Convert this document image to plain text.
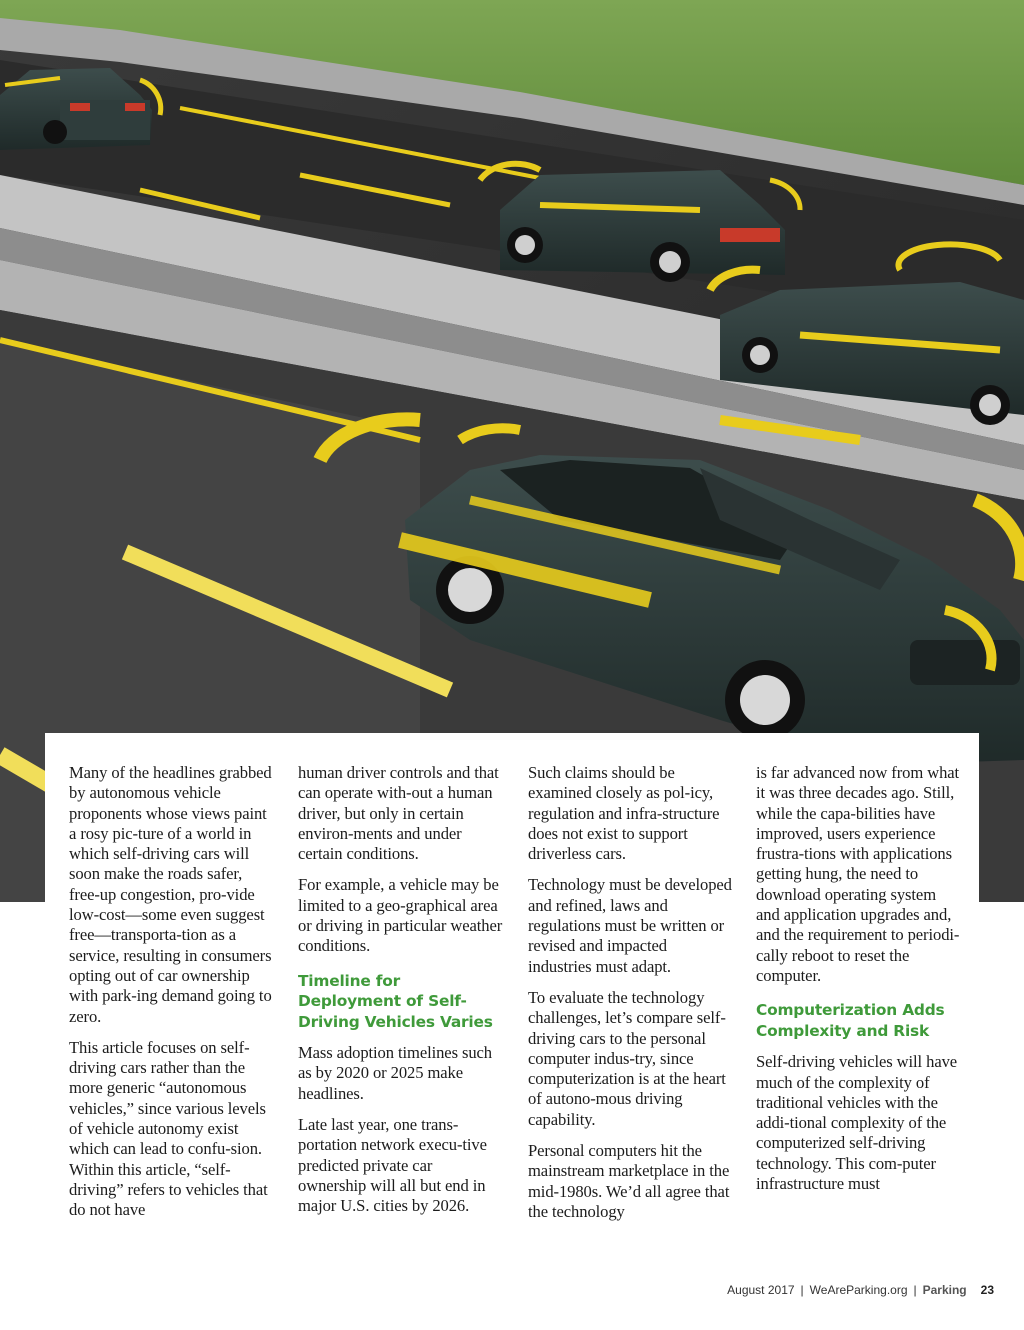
Many of the headlines grabbed by autonomous vehicle proponents whose views paint a rosy pic-ture of a world in which self-driving cars will soon make the roads safer, free-up congestion, pro-vide low-cost—some even suggest free—transporta-tion as a service, resulting in consumers opting out of car ownership with park-ing demand going to zero.

This article focuses on self-driving cars rather than the more generic “autonomous vehicles,” since various levels of vehicle autonomy exist which can lead to confu-sion. Within this article, “self-driving” refers to vehicles that do not have

human driver controls and that can operate with-out a human driver, but only in certain environ-ments and under certain conditions.

For example, a vehicle may be limited to a geo-graphical area or driving in particular weather conditions.

Timeline for Deployment of Self-Driving Vehicles Varies

Mass adoption timelines such as by 2020 or 2025 make headlines.

Late last year, one trans-portation network execu-tive predicted private car ownership will all but end in major U.S. cities by 2026.

Such claims should be examined closely as pol-icy, regulation and infra-structure does not exist to support driverless cars.

Technology must be developed and refined, laws and regulations must be written or revised and impacted industries must adapt.

To evaluate the technology challenges, let’s compare self-driving cars to the personal computer indus-try, since computerization is at the heart of autono-mous driving capability.

Personal computers hit the mainstream marketplace in the mid-1980s. We’d all agree that the technology

is far advanced now from what it was three decades ago. Still, while the capa-bilities have improved, users experience frustra-tions with applications getting hung, the need to download operating system and application upgrades and, and the requirement to periodi-cally reboot to reset the computer.

Computerization Adds Complexity and Risk

Self-driving vehicles will have much of the complexity of traditional vehicles with the addi-tional complexity of the computerized self-driving technology. This com-puter infrastructure must

August 2017 | WeAreParking.org | Parking 23
